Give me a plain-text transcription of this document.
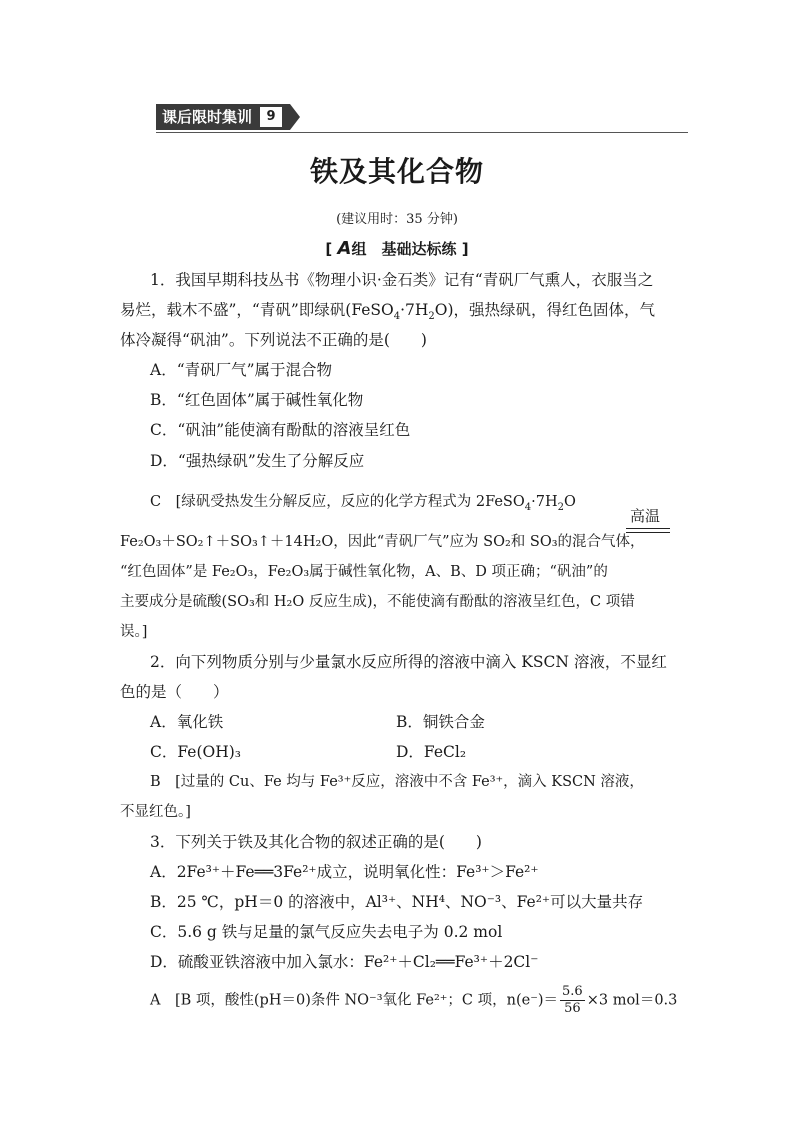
课后限时集训	9
铁及其化合物
(建议用时：35 分钟)
[ A组　基础达标练 ]
1．我国早期科技丛书《物理小识·金石类》记有“青矾厂气熏人，衣服当之
易烂，载木不盛”，“青矾”即绿矾$(FeSO_4\cdot 7H_2O)$，强热绿矾，得红色固体，气
体冷凝得“矾油”。下列说法不正确的是(　　)
A．“青矾厂气”属于混合物
B．“红色固体”属于碱性氧化物
C．“矾油”能使滴有酚酞的溶液呈红色
D．“强热绿矾”发生了分解反应
C　[绿矾受热发生分解反应，反应的化学方程式为 $2FeSO_4\cdot 7H_2O$
高温
Fe₂O₃＋SO₂↑＋SO₃↑＋14H₂O，因此“青矾厂气”应为 SO₂和 SO₃的混合气体，
“红色固体”是 Fe₂O₃，Fe₂O₃属于碱性氧化物，A、B、D 项正确；“矾油”的
主要成分是硫酸(SO₃和 H₂O 反应生成)，不能使滴有酚酞的溶液呈红色，C 项错
误。]
2．向下列物质分别与少量氯水反应所得的溶液中滴入 KSCN 溶液，不显红
色的是（　　）
A．氧化铁	B．铜铁合金
C．Fe(OH)₃	D．FeCl₂
B　[过量的 Cu、Fe 均与 Fe³⁺反应，溶液中不含 Fe³⁺，滴入 KSCN 溶液，
不显红色。]
3．下列关于铁及其化合物的叙述正确的是(　　)
A．2Fe³⁺＋Fe══3Fe²⁺成立，说明氧化性：Fe³⁺＞Fe²⁺
B．25 ℃，pH＝0 的溶液中，Al³⁺、NH⁴、NO⁻³、Fe²⁺可以大量共存
C．5.6 g 铁与足量的氯气反应失去电子为 0.2 mol
D．硫酸亚铁溶液中加入氯水：Fe²⁺＋Cl₂══Fe³⁺＋2Cl⁻
A　[B 项，酸性(pH＝0)条件 NO⁻³氧化 Fe²⁺；C 项，$n(e^-)= \frac{5.6}{56} \times 3$ mol＝0.3
